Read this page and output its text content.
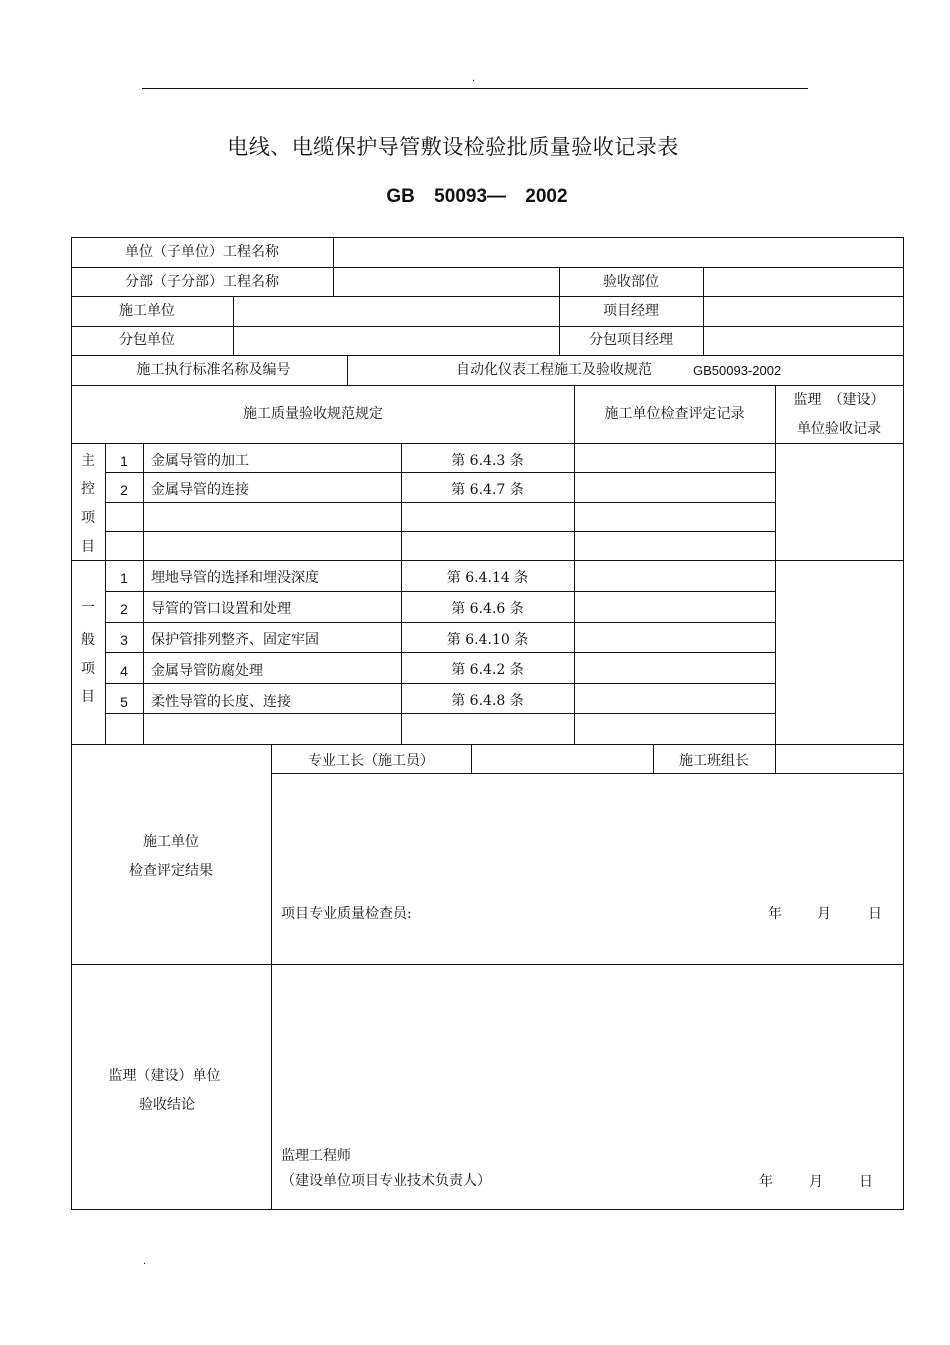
.
电线、电缆保护导管敷设检验批质量验收记录表
GB 50093— 2002
单位（子单位）工程名称
分部（子分部）工程名称	验收部位
施工单位	项目经理
分包单位	分包项目经理
施工执行标准名称及编号	自动化仪表工程施工及验收规范	GB50093-2002
施工质量验收规范规定	施工单位检查评定记录
监理　（建设）
单位验收记录
主
控
项
目
1	金属导管的加工	第 6.4.3 条
2	金属导管的连接	第 6.4.7 条
一
般
项
目
1	埋地导管的选择和埋没深度	第 6.4.14 条
2	导管的管口设置和处理	第 6.4.6 条
3	保护管排列整齐、固定牢固	第 6.4.10 条
4	金属导管防腐处理	第 6.4.2 条
5	柔性导管的长度、连接	第 6.4.8 条
施工单位
检查评定结果
专业工长（施工员）	施工班组长
项目专业质量检查员:	年	月	日
监理（建设）单位
验收结论
监理工程师
（建设单位项目专业技术负责人）	年	月	日
.
